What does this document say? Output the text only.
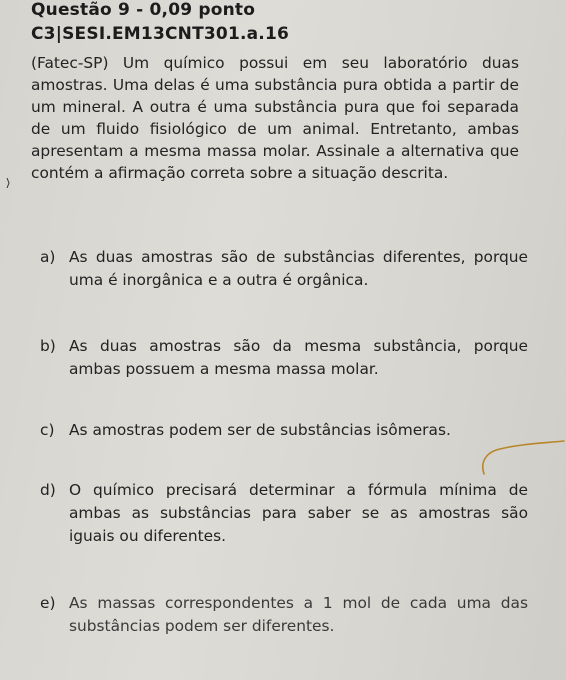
Questão 9 - 0,09 ponto
C3|SESI.EM13CNT301.a.16
(Fatec-SP) Um químico possui em seu laboratório duas amostras. Uma delas é uma substância pura obtida a partir de um mineral. A outra é uma substância pura que foi separada de um fluido fisiológico de um animal. Entretanto, ambas apresentam a mesma massa molar. Assinale a alternativa que contém a afirmação correta sobre a situação descrita.
a) As duas amostras são de substâncias diferentes, porque uma é inorgânica e a outra é orgânica.
b) As duas amostras são da mesma substância, porque ambas possuem a mesma massa molar.
c) As amostras podem ser de substâncias isômeras.
d) O químico precisará determinar a fórmula mínima de ambas as substâncias para saber se as amostras são iguais ou diferentes.
e) As massas correspondentes a 1 mol de cada uma das substâncias podem ser diferentes.
